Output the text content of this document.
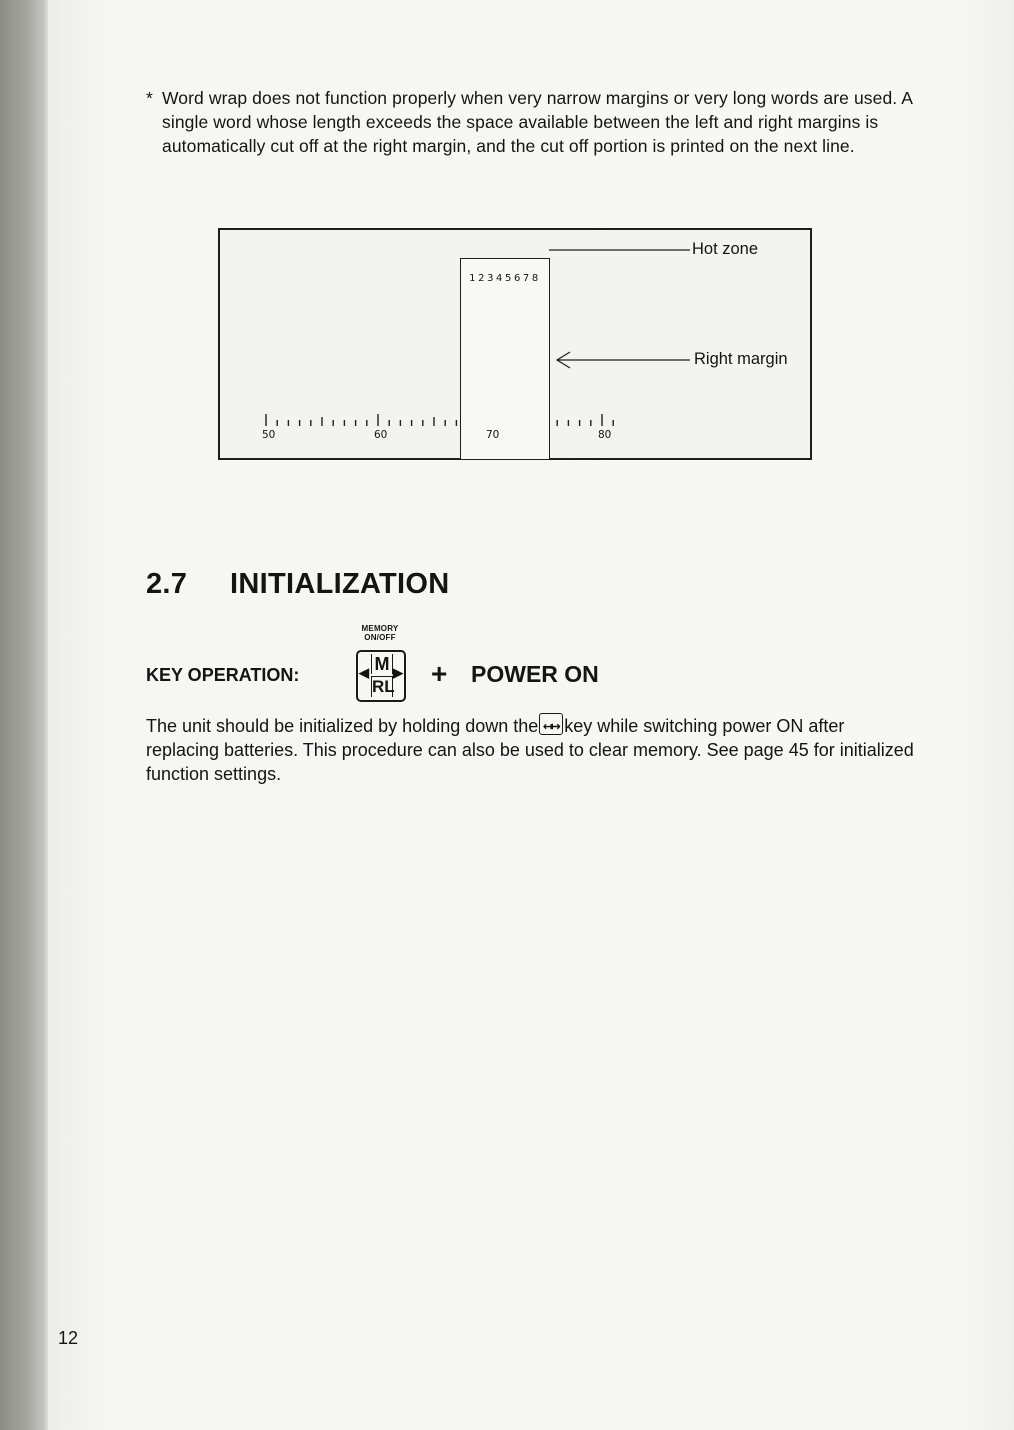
* Word wrap does not function properly when very narrow margins or very long words are used. A single word whose length exceeds the space available between the left and right margins is automatically cut off at the right margin, and the cut off portion is printed on the next line.
12345678
Hot zone
Right margin
50	60	70	80
2.7 INITIALIZATION
MEMORY
ON/OFF
KEY OPERATION:	◀ M
RL
▶ + POWER ON
The unit should be initialized by holding down the ↤↦ key while switching power ON after replacing batteries. This procedure can also be used to clear memory. See page 45 for initialized function settings.
12
